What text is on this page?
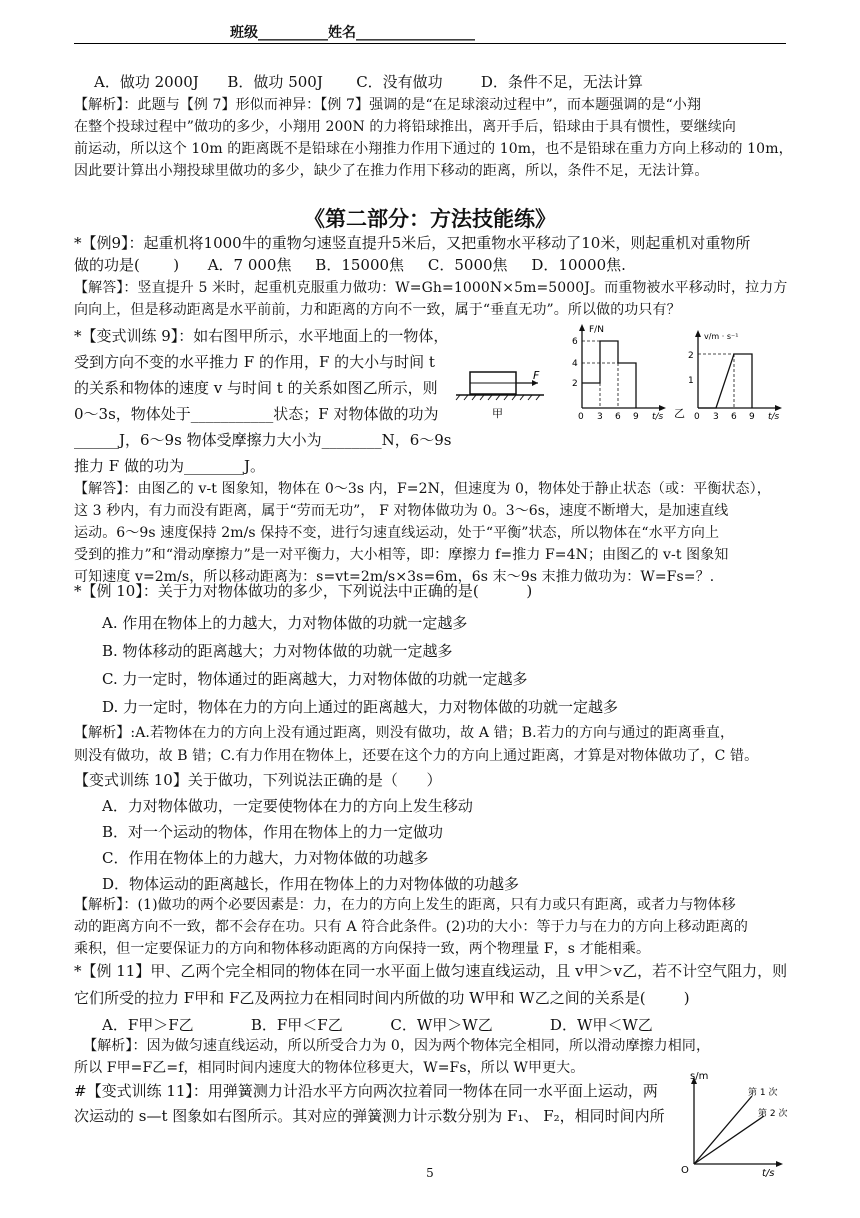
班级__________姓名_________________
A．做功 2000J      B．做功 500J       C．没有做功        D．条件不足，无法计算
【解析】：此题与【例 7】形似而神异：【例 7】强调的是“在足球滚动过程中”，而本题强调的是“小翔
在整个投球过程中”做功的多少，小翔用 200N 的力将铅球推出，离开手后，铅球由于具有惯性，要继续向
前运动，所以这个 10m 的距离既不是铅球在小翔推力作用下通过的 10m，也不是铅球在重力方向上移动的 10m，
因此要计算出小翔投球里做功的多少，缺少了在推力作用下移动的距离，所以，条件不足，无法计算。
《第二部分：方法技能练》
*【例9】：起重机将1000牛的重物匀速竖直提升5米后，又把重物水平移动了10米，则起重机对重物所
做的功是(       )      A．7 000焦     B．15000焦     C．5000焦     D．10000焦.
【解答】：竖直提升 5 米时，起重机克服重力做功：W=Gh=1000N×5m=5000J。而重物被水平移动时，拉力方
向向上，但是移动距离是水平前前，力和距离的方向不一致，属于“垂直无功”。所以做的功只有？
*【变式训练 9】：如右图甲所示，水平地面上的一物体，
受到方向不变的水平推力 F 的作用，F 的大小与时间 t
的关系和物体的速度 v 与时间 t 的关系如图乙所示，则
0～3s，物体处于___________状态；F 对物体做的功为
______J，6～9s 物体受摩擦力大小为________N，6～9s
推力 F 做的功为________J。
F
甲
F/N
6
4
2
0 3 6 9 t/s 乙
v/m · s⁻¹
2
1
0 3 6 9 t/s
【解答】：由图乙的 v-t 图象知，物体在 0～3s 内，F=2N，但速度为 0，物体处于静止状态（或：平衡状态），
这 3 秒内，有力而没有距离，属于“劳而无功”， F 对物体做功为 0。3～6s，速度不断增大，是加速直线
运动。6～9s 速度保持 2m/s 保持不变，进行匀速直线运动，处于“平衡”状态，所以物体在“水平方向上
受到的推力”和“滑动摩擦力”是一对平衡力，大小相等，即：摩擦力 f=推力 F=4N；由图乙的 v-t 图象知
可知速度 v=2m/s，所以移动距离为：s=vt=2m/s×3s=6m，6s 末～9s 末推力做功为：W=Fs=？．
*【例 10】：关于力对物体做功的多少，下列说法中正确的是(          )
A. 作用在物体上的力越大，力对物体做的功就一定越多
B. 物体移动的距离越大；力对物体做的功就一定越多
C. 力一定时，物体通过的距离越大，力对物体做的功就一定越多
D. 力一定时，物体在力的方向上通过的距离越大，力对物体做的功就一定越多
【解析】:A.若物体在力的方向上没有通过距离，则没有做功，故 A 错；B.若力的方向与通过的距离垂直，
则没有做功，故 B 错；C.有力作用在物体上，还要在这个力的方向上通过距离，才算是对物体做功了，C 错。
【变式训练 10】关于做功，下列说法正确的是（      ）
A．力对物体做功，一定要使物体在力的方向上发生移动
B．对一个运动的物体，作用在物体上的力一定做功
C．作用在物体上的力越大，力对物体做的功越多
D．物体运动的距离越长，作用在物体上的力对物体做的功越多
【解析】：(1)做功的两个必要因素是：力，在力的方向上发生的距离，只有力或只有距离，或者力与物体移
动的距离方向不一致，都不会存在功。只有 A 符合此条件。(2)功的大小：等于力与在力的方向上移动距离的
乘积，但一定要保证力的方向和物体移动距离的方向保持一致，两个物理量 F，s 才能相乘。
*【例 11】甲、乙两个完全相同的物体在同一水平面上做匀速直线运动，且 v甲＞v乙，若不计空气阻力，则
它们所受的拉力 F甲和 F乙及两拉力在相同时间内所做的功 W甲和 W乙之间的关系是(        )
A．F甲＞F乙            B．F甲＜F乙          C．W甲＞W乙            D．W甲＜W乙
【解析】：因为做匀速直线运动，所以所受合力为 0，因为两个物体完全相同，所以滑动摩擦力相同，
所以 F甲=F乙=f，相同时间内速度大的物体位移更大，W=Fs，所以 W甲更大。
#【变式训练 11】：用弹簧测力计沿水平方向两次拉着同一物体在同一水平面上运动，两
次运动的 s—t 图象如右图所示。其对应的弹簧测力计示数分别为 F₁、 F₂，相同时间内所
s/m
t/s
O
第 1 次
第 2 次
5
